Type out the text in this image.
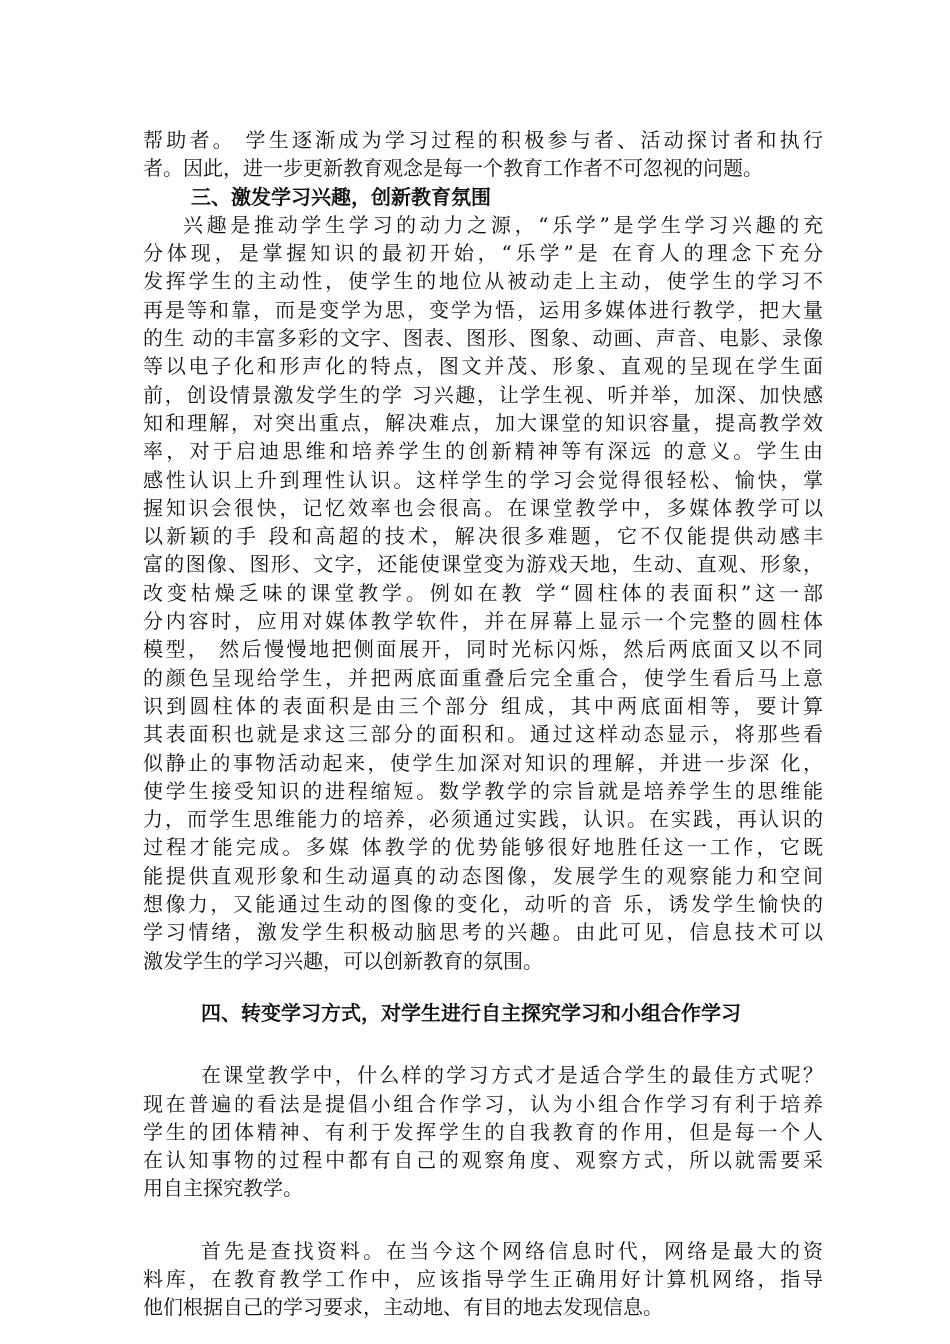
帮助者。 学生逐渐成为学习过程的积极参与者、活动探讨者和执行
者。因此，进一步更新教育观念是每一个教育工作者不可忽视的问题。
三、激发学习兴趣，创新教育氛围
兴趣是推动学生学习的动力之源，“乐学”是学生学习兴趣的充
分体现，是掌握知识的最初开始，“乐学”是 在育人的理念下充分
发挥学生的主动性，使学生的地位从被动走上主动，使学生的学习不
再是等和靠，而是变学为思，变学为悟，运用多媒体进行教学，把大量
的生 动的丰富多彩的文字、图表、图形、图象、动画、声音、电影、录像
等以电子化和形声化的特点，图文并茂、形象、直观的呈现在学生面
前，创设情景激发学生的学 习兴趣，让学生视、听并举，加深、加快感
知和理解，对突出重点，解决难点，加大课堂的知识容量，提高教学效
率，对于启迪思维和培养学生的创新精神等有深远 的意义。学生由
感性认识上升到理性认识。这样学生的学习会觉得很轻松、愉快，掌
握知识会很快，记忆效率也会很高。在课堂教学中，多媒体教学可以
以新颖的手 段和高超的技术，解决很多难题，它不仅能提供动感丰
富的图像、图形、文字，还能使课堂变为游戏天地，生动、直观、形象，
改变枯燥乏味的课堂教学。例如在教 学“圆柱体的表面积”这一部
分内容时，应用对媒体教学软件，并在屏幕上显示一个完整的圆柱体
模型， 然后慢慢地把侧面展开，同时光标闪烁，然后两底面又以不同
的颜色呈现给学生，并把两底面重叠后完全重合，使学生看后马上意
识到圆柱体的表面积是由三个部分 组成，其中两底面相等，要计算
其表面积也就是求这三部分的面积和。通过这样动态显示，将那些看
似静止的事物活动起来，使学生加深对知识的理解，并进一步深 化，
使学生接受知识的进程缩短。数学教学的宗旨就是培养学生的思维能
力，而学生思维能力的培养，必须通过实践，认识。在实践，再认识的
过程才能完成。多媒 体教学的优势能够很好地胜任这一工作，它既
能提供直观形象和生动逼真的动态图像，发展学生的观察能力和空间
想像力，又能通过生动的图像的变化，动听的音 乐，诱发学生愉快的
学习情绪，激发学生积极动脑思考的兴趣。由此可见，信息技术可以
激发学生的学习兴趣，可以创新教育的氛围。
四、转变学习方式，对学生进行自主探究学习和小组合作学习
在课堂教学中，什么样的学习方式才是适合学生的最佳方式呢？
现在普遍的看法是提倡小组合作学习，认为小组合作学习有利于培养
学生的团体精神、有利于发挥学生的自我教育的作用，但是每一个人
在认知事物的过程中都有自己的观察角度、观察方式，所以就需要采
用自主探究教学。
首先是查找资料。在当今这个网络信息时代，网络是最大的资
料库，在教育教学工作中，应该指导学生正确用好计算机网络，指导
他们根据自己的学习要求，主动地、有目的地去发现信息。
